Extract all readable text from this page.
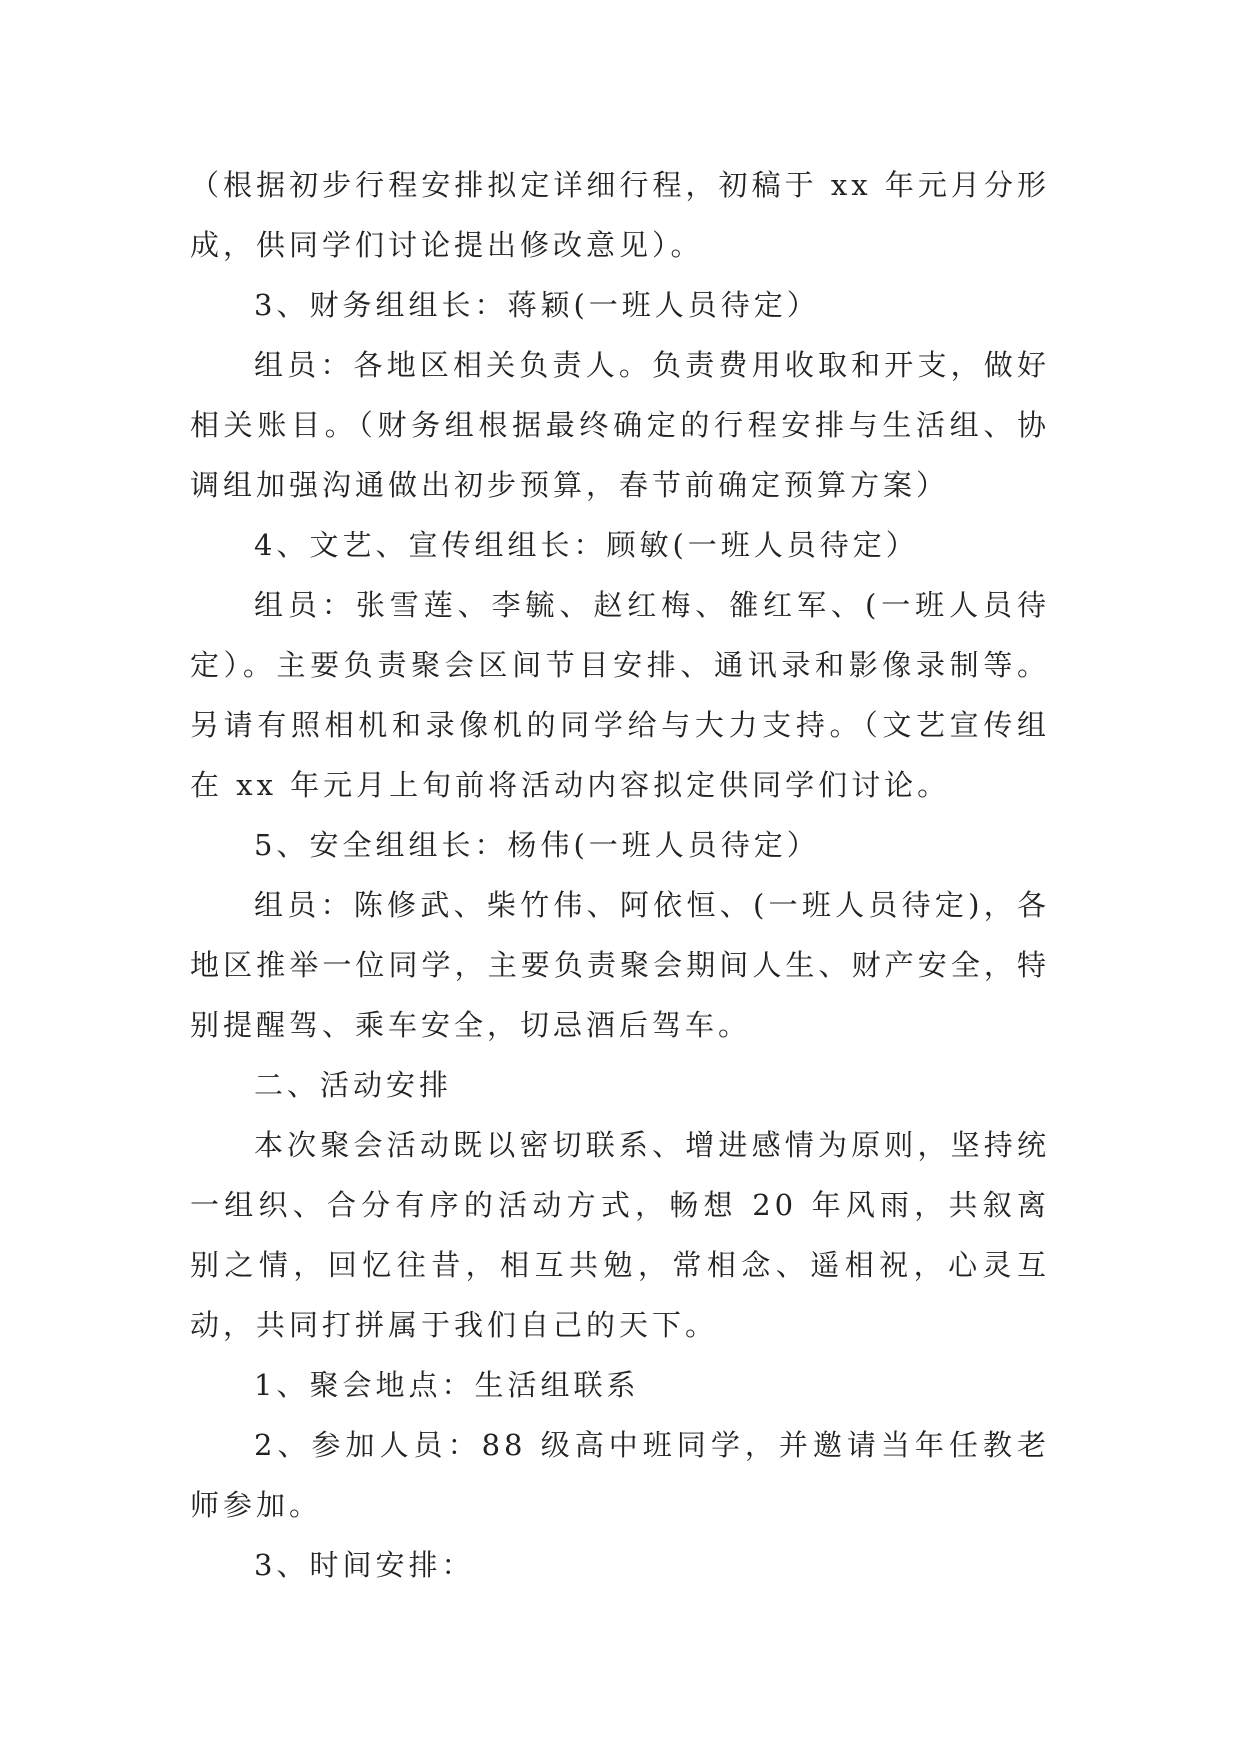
（根据初步行程安排拟定详细行程，初稿于 xx 年元月分形成，供同学们讨论提出修改意见）。

3、财务组组长：蒋颖(一班人员待定）

组员：各地区相关负责人。负责费用收取和开支，做好相关账目。（财务组根据最终确定的行程安排与生活组、协调组加强沟通做出初步预算，春节前确定预算方案）

4、文艺、宣传组组长：顾敏(一班人员待定）

组员：张雪莲、李毓、赵红梅、雒红军、(一班人员待定）。主要负责聚会区间节目安排、通讯录和影像录制等。另请有照相机和录像机的同学给与大力支持。（文艺宣传组在 xx 年元月上旬前将活动内容拟定供同学们讨论。

5、安全组组长：杨伟(一班人员待定）

组员：陈修武、柴竹伟、阿依恒、(一班人员待定)，各地区推举一位同学，主要负责聚会期间人生、财产安全，特别提醒驾、乘车安全，切忌酒后驾车。

二、活动安排

本次聚会活动既以密切联系、增进感情为原则，坚持统一组织、合分有序的活动方式，畅想 20 年风雨，共叙离别之情，回忆往昔，相互共勉，常相念、遥相祝，心灵互动，共同打拼属于我们自己的天下。

1、聚会地点：生活组联系

2、参加人员：88 级高中班同学，并邀请当年任教老师参加。

3、时间安排：
